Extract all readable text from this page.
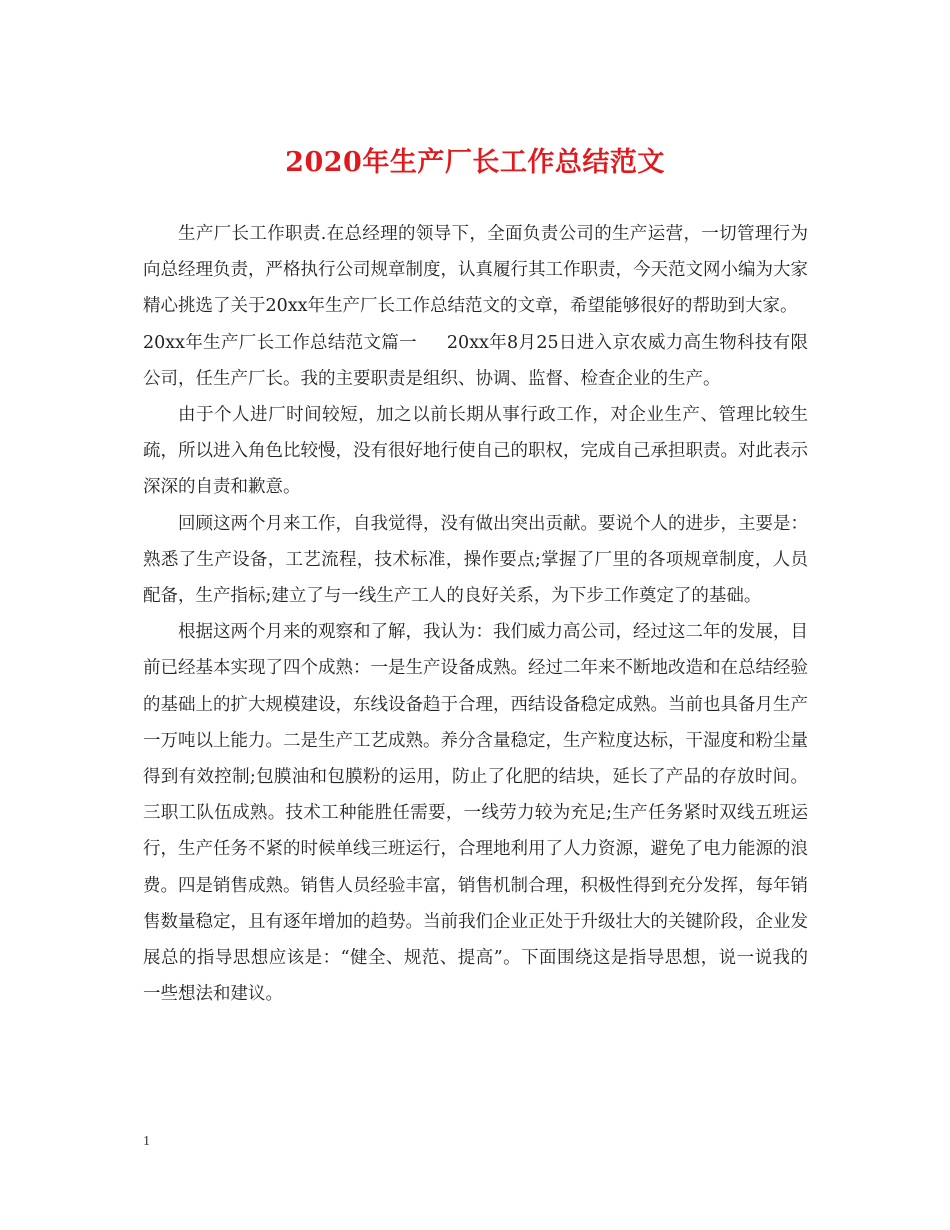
2020年生产厂长工作总结范文

生产厂长工作职责.在总经理的领导下，全面负责公司的生产运营，一切管理行为向总经理负责，严格执行公司规章制度，认真履行其工作职责，今天范文网小编为大家精心挑选了关于20xx年生产厂长工作总结范文的文章，希望能够很好的帮助到大家。

20xx年生产厂长工作总结范文篇一 20xx年8月25日进入京农威力高生物科技有限公司，任生产厂长。我的主要职责是组织、协调、监督、检查企业的生产。

由于个人进厂时间较短，加之以前长期从事行政工作，对企业生产、管理比较生疏，所以进入角色比较慢，没有很好地行使自己的职权，完成自己承担职责。对此表示深深的自责和歉意。

回顾这两个月来工作，自我觉得，没有做出突出贡献。要说个人的进步，主要是：熟悉了生产设备，工艺流程，技术标准，操作要点;掌握了厂里的各项规章制度，人员配备，生产指标;建立了与一线生产工人的良好关系，为下步工作奠定了的基础。

根据这两个月来的观察和了解，我认为：我们威力高公司，经过这二年的发展，目前已经基本实现了四个成熟：一是生产设备成熟。经过二年来不断地改造和在总结经验的基础上的扩大规模建设，东线设备趋于合理，西结设备稳定成熟。当前也具备月生产一万吨以上能力。二是生产工艺成熟。养分含量稳定，生产粒度达标，干湿度和粉尘量得到有效控制;包膜油和包膜粉的运用，防止了化肥的结块，延长了产品的存放时间。三职工队伍成熟。技术工种能胜任需要，一线劳力较为充足;生产任务紧时双线五班运行，生产任务不紧的时候单线三班运行，合理地利用了人力资源，避免了电力能源的浪费。四是销售成熟。销售人员经验丰富，销售机制合理，积极性得到充分发挥，每年销售数量稳定，且有逐年增加的趋势。当前我们企业正处于升级壮大的关键阶段，企业发展总的指导思想应该是：“健全、规范、提高”。下面围绕这是指导思想，说一说我的一些想法和建议。

1
